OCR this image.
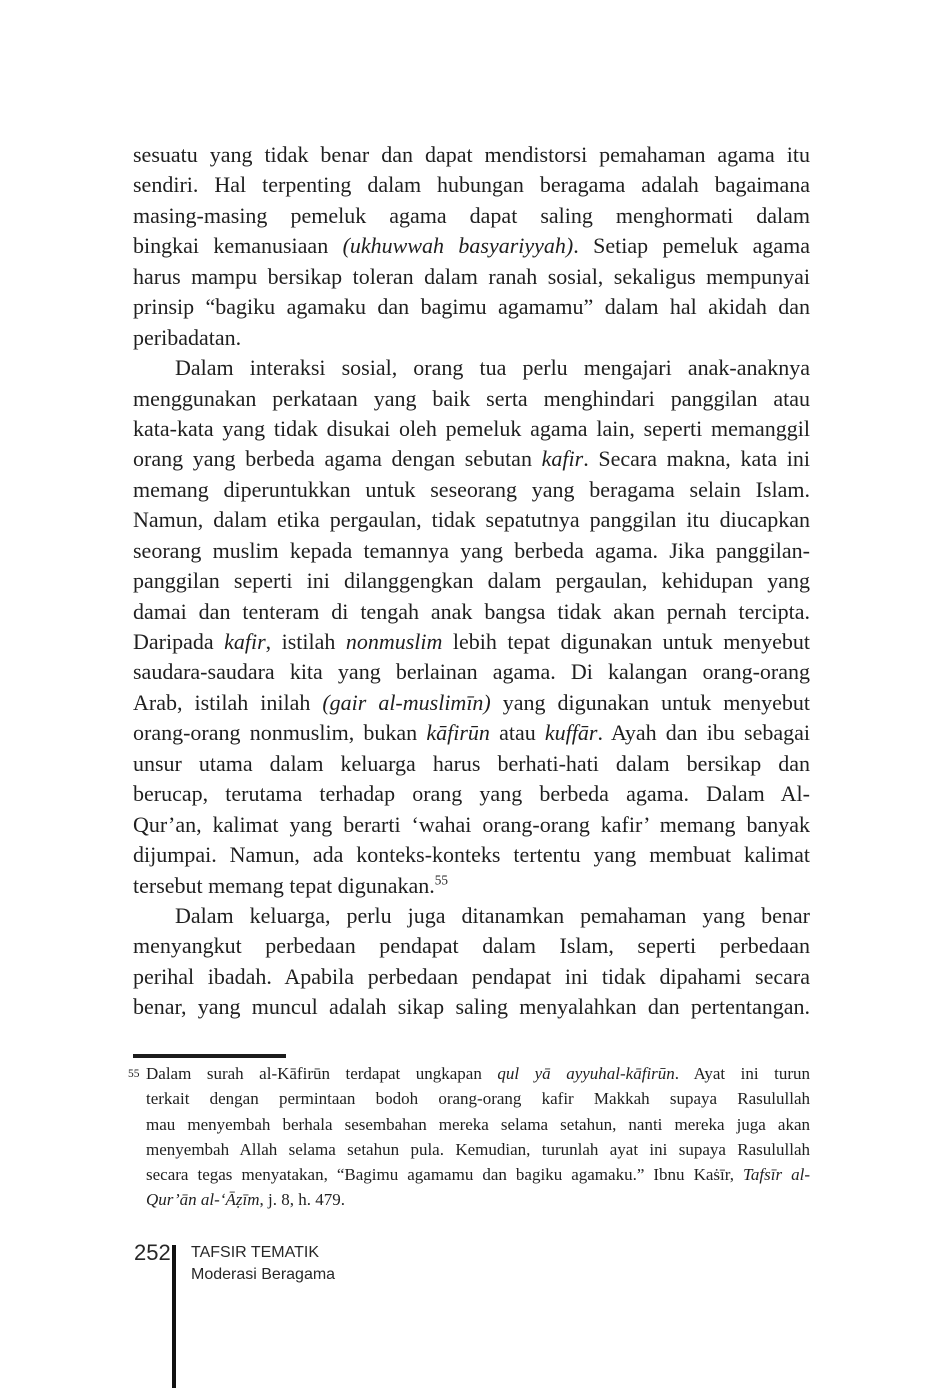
sesuatu yang tidak benar dan dapat mendistorsi pemahaman agama itu
sendiri. Hal terpenting dalam hubungan beragama adalah bagaimana
masing-masing pemeluk agama dapat saling menghormati dalam
bingkai kemanusiaan (ukhuwwah basyariyyah). Setiap pemeluk agama
harus mampu bersikap toleran dalam ranah sosial, sekaligus mempunyai
prinsip “bagiku agamaku dan bagimu agamamu” dalam hal akidah dan
peribadatan.
Dalam interaksi sosial, orang tua perlu mengajari anak-anaknya
menggunakan perkataan yang baik serta menghindari panggilan atau
kata-kata yang tidak disukai oleh pemeluk agama lain, seperti memanggil
orang yang berbeda agama dengan sebutan kafir. Secara makna, kata ini
memang diperuntukkan untuk seseorang yang beragama selain Islam.
Namun, dalam etika pergaulan, tidak sepatutnya panggilan itu diucapkan
seorang muslim kepada temannya yang berbeda agama. Jika panggilan-
panggilan seperti ini dilanggengkan dalam pergaulan, kehidupan yang
damai dan tenteram di tengah anak bangsa tidak akan pernah tercipta.
Daripada kafir, istilah nonmuslim lebih tepat digunakan untuk menyebut
saudara-saudara kita yang berlainan agama. Di kalangan orang-orang
Arab, istilah inilah (gair al-muslimīn) yang digunakan untuk menyebut
orang-orang nonmuslim, bukan kāfirūn atau kuffār. Ayah dan ibu sebagai
unsur utama dalam keluarga harus berhati-hati dalam bersikap dan
berucap, terutama terhadap orang yang berbeda agama. Dalam Al-
Qur’an, kalimat yang berarti ‘wahai orang-orang kafir’ memang banyak
dijumpai. Namun, ada konteks-konteks tertentu yang membuat kalimat
tersebut memang tepat digunakan.$^{55}$
Dalam keluarga, perlu juga ditanamkan pemahaman yang benar
menyangkut perbedaan pendapat dalam Islam, seperti perbedaan
perihal ibadah. Apabila perbedaan pendapat ini tidak dipahami secara
benar, yang muncul adalah sikap saling menyalahkan dan pertentangan.
55 Dalam surah al-Kāfirūn terdapat ungkapan qul yā ayyuhal-kāfirūn. Ayat ini turun
terkait dengan permintaan bodoh orang-orang kafir Makkah supaya Rasulullah
mau menyembah berhala sesembahan mereka selama setahun, nanti mereka juga akan
menyembah Allah selama setahun pula. Kemudian, turunlah ayat ini supaya Rasulullah
secara tegas menyatakan, “Bagimu agamamu dan bagiku agamaku.” Ibnu Kaṡīr, Tafsīr al-
Qur’ān al-‘Āẓīm, j. 8, h. 479.
252 TAFSIR TEMATIK
Moderasi Beragama
